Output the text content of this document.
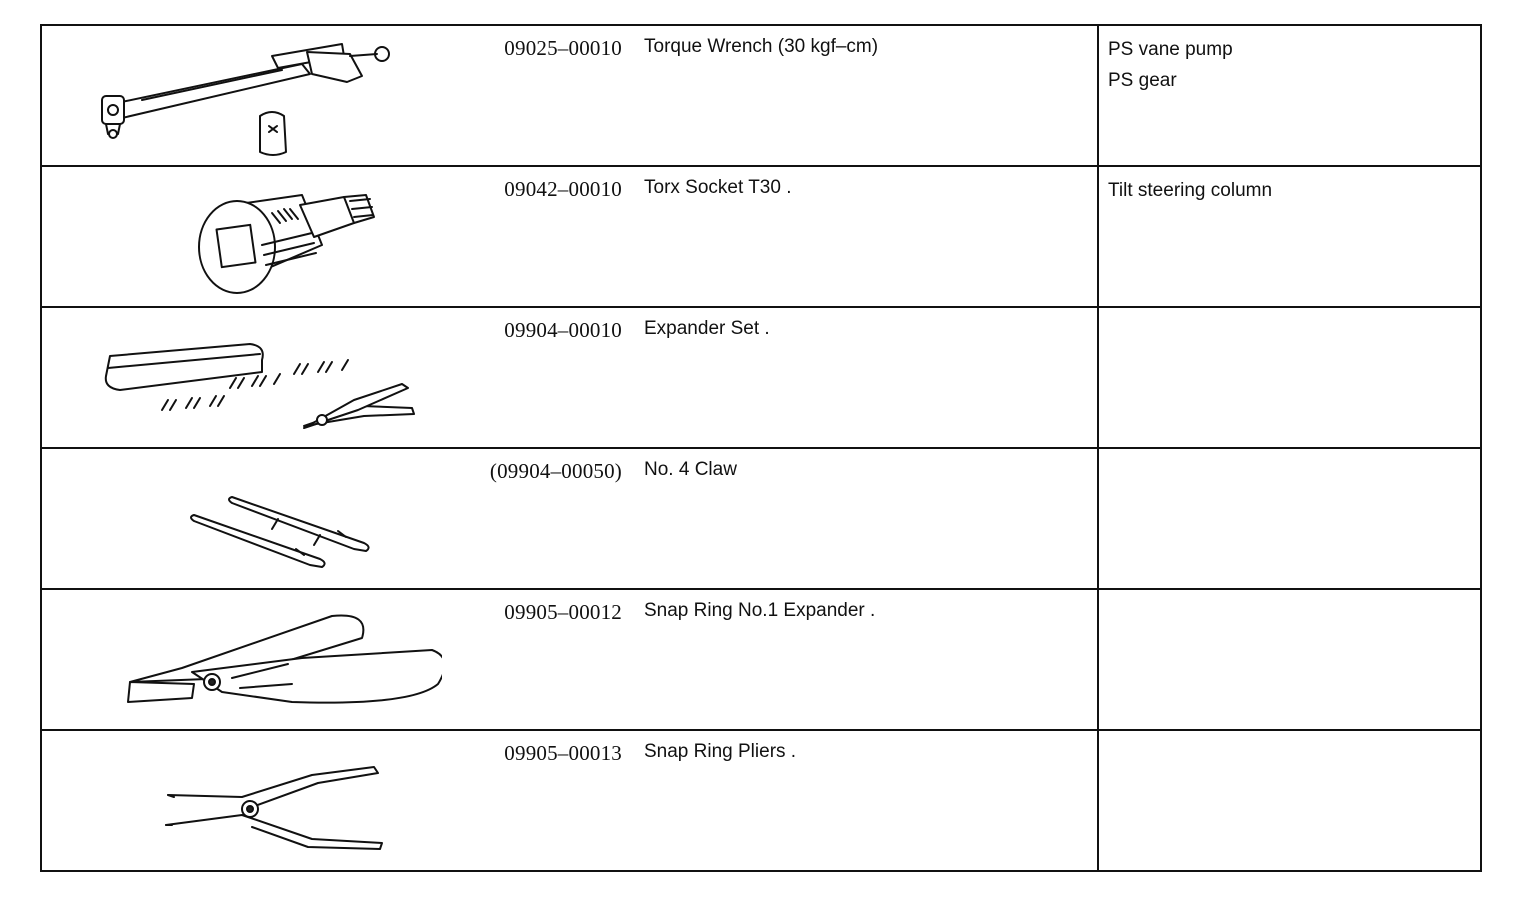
09025–00010 Torque Wrench (30 kgf–cm)	PS vane pump
PS gear
09042–00010 Torx Socket T30 .	Tilt steering column
09904–00010 Expander Set .
(09904–00050) No. 4 Claw
09905–00012 Snap Ring No.1 Expander .
09905–00013 Snap Ring Pliers .
